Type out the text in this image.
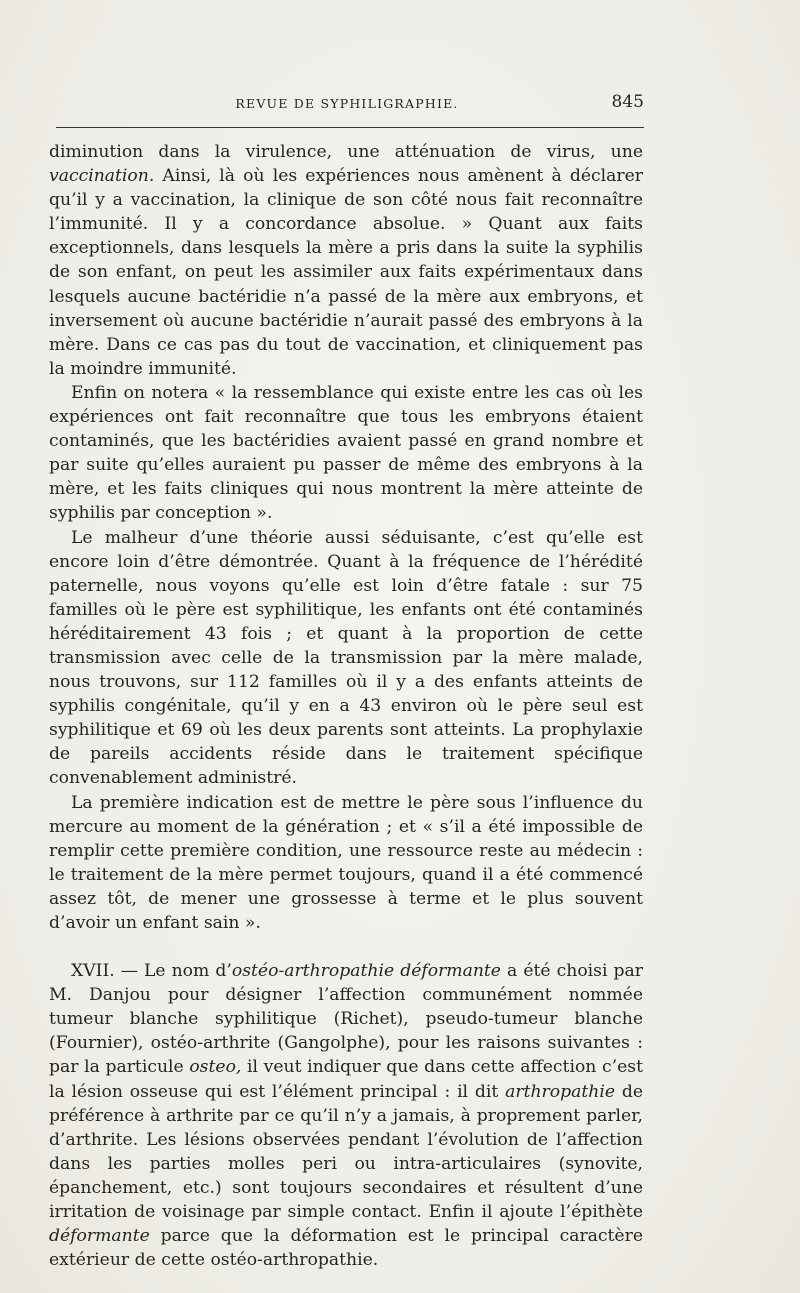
REVUE DE SYPHILIGRAPHIE.	845

diminution dans la virulence, une atténuation de virus, une vaccination. Ainsi, là où les expériences nous amènent à déclarer qu’il y a vaccination, la clinique de son côté nous fait reconnaître l’immunité. Il y a concordance absolue. » Quant aux faits exceptionnels, dans lesquels la mère a pris dans la suite la syphilis de son enfant, on peut les assimiler aux faits expérimentaux dans lesquels aucune bactéridie n’a passé de la mère aux embryons, et inversement où aucune bactéridie n’aurait passé des embryons à la mère. Dans ce cas pas du tout de vaccination, et cliniquement pas la moindre immunité.

Enfin on notera « la ressemblance qui existe entre les cas où les expériences ont fait reconnaître que tous les embryons étaient contaminés, que les bactéridies avaient passé en grand nombre et par suite qu’elles auraient pu passer de même des embryons à la mère, et les faits cliniques qui nous montrent la mère atteinte de syphilis par conception ».

Le malheur d’une théorie aussi séduisante, c’est qu’elle est encore loin d’être démontrée. Quant à la fréquence de l’hérédité paternelle, nous voyons qu’elle est loin d’être fatale : sur 75 familles où le père est syphilitique, les enfants ont été contaminés héréditairement 43 fois ; et quant à la proportion de cette transmission avec celle de la transmission par la mère malade, nous trouvons, sur 112 familles où il y a des enfants atteints de syphilis congénitale, qu’il y en a 43 environ où le père seul est syphilitique et 69 où les deux parents sont atteints. La prophylaxie de pareils accidents réside dans le traitement spécifique convenablement administré.

La première indication est de mettre le père sous l’influence du mercure au moment de la génération ; et « s’il a été impossible de remplir cette première condition, une ressource reste au médecin : le traitement de la mère permet toujours, quand il a été commencé assez tôt, de mener une grossesse à terme et le plus souvent d’avoir un enfant sain ».

XVII. — Le nom d’ostéo-arthropathie déformante a été choisi par M. Danjou pour désigner l’affection communément nommée tumeur blanche syphilitique (Richet), pseudo-tumeur blanche (Fournier), ostéo-arthrite (Gangolphe), pour les raisons suivantes : par la particule osteo, il veut indiquer que dans cette affection c’est la lésion osseuse qui est l’élément principal : il dit arthropathie de préférence à arthrite par ce qu’il n’y a jamais, à proprement parler, d’arthrite. Les lésions observées pendant l’évolution de l’affection dans les parties molles peri ou intra-articulaires (synovite, épanchement, etc.) sont toujours secondaires et résultent d’une irritation de voisinage par simple contact. Enfin il ajoute l’épithète déformante parce que la déformation est le principal caractère extérieur de cette ostéo-arthropathie.
